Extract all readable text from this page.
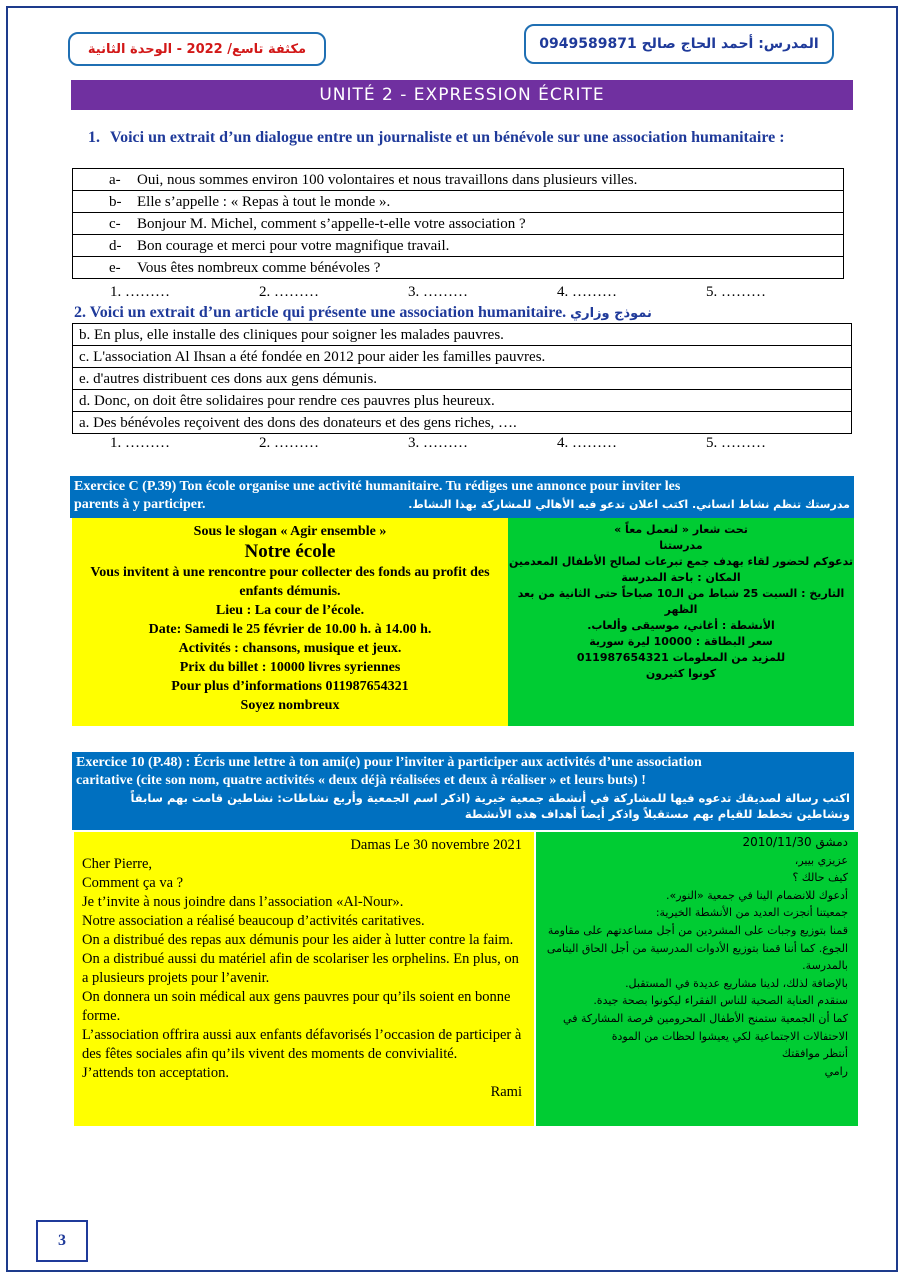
مكثفة تاسع/ 2022 - الوحدة الثانية	المدرس: أحمد الحاج صالح 0949589871
UNITÉ 2 - EXPRESSION ÉCRITE
1. Voici un extrait d’un dialogue entre un journaliste et un bénévole sur une association humanitaire :
a- Oui, nous sommes environ 100 volontaires et nous travaillons dans plusieurs villes.
b- Elle s’appelle : « Repas à tout le monde ».
c- Bonjour M. Michel, comment s’appelle-t-elle votre association ?
d- Bon courage et merci pour votre magnifique travail.
e- Vous êtes nombreux comme bénévoles ?
1. ………	2. ………	3. ………	4. ………	5. ………
2. Voici un extrait d’un article qui présente une association humanitaire. نموذج وزاري
b. En plus, elle installe des cliniques pour soigner les malades pauvres.
c. L'association Al Ihsan a été fondée en 2012 pour aider les familles pauvres.
e. d'autres distribuent ces dons aux gens démunis.
d. Donc, on doit être solidaires pour rendre ces pauvres plus heureux.
a. Des bénévoles reçoivent des dons des donateurs et des gens riches, ….
1. ………	2. ………	3. ………	4. ………	5. ………
Exercice C (P.39) Ton école organise une activité humanitaire. Tu rédiges une annonce pour inviter les
parents à y participer.	مدرستك تنظم نشاط انساني. اكتب اعلان تدعو فيه الأهالي للمشاركة بهذا النشاط.
Sous le slogan « Agir ensemble »
Notre école
Vous invitent à une rencontre pour collecter des fonds au profit des enfants démunis.
Lieu : La cour de l’école.
Date: Samedi le 25 février de 10.00 h. à 14.00 h.
Activités : chansons, musique et jeux.
Prix du billet : 10000 livres syriennes
Pour plus d’informations 011987654321
Soyez nombreux
تحت شعار « لنعمل معاً »
مدرستنا
تدعوكم لحضور لقاء بهدف جمع تبرعات لصالح الأطفال المعدمين
المكان : باحة المدرسة
التاريخ : السبت 25 شباط من الـ10 صباحاً حتى الثانية من بعد الظهر
الأنشطة : أغاني، موسيقى وألعاب.
سعر البطاقة : 10000 ليرة سورية
للمزيد من المعلومات 011987654321
كونوا كثيرون
Exercice 10 (P.48) : Écris une lettre à ton ami(e) pour l’inviter à participer aux activités d’une association
caritative (cite son nom, quatre activités « deux déjà réalisées et deux à réaliser » et leurs buts) !
اكتب رسالة لصديقك تدعوه فيها للمشاركة في أنشطة جمعية خيرية (اذكر اسم الجمعية وأربع نشاطات: نشاطين قامت بهم سابقاً
ونشاطين تخطط للقيام بهم مستقبلاً واذكر أيضاً أهداف هذه الأنشطة
Damas Le 30 novembre 2021
Cher Pierre,
Comment ça va ?
Je t’invite à nous joindre dans l’association «Al-Nour».
Notre association a réalisé beaucoup d’activités caritatives.
On a distribué des repas aux démunis pour les aider à lutter contre la faim. On a distribué aussi du matériel afin de scolariser les orphelins. En plus, on a plusieurs projets pour l’avenir.
On donnera un soin médical aux gens pauvres pour qu’ils soient en bonne forme.
L’association offrira aussi aux enfants défavorisés l’occasion de participer à des fêtes sociales afin qu’ils vivent des moments de convivialité.
J’attends ton acceptation.
Rami
دمشق 2010/11/30
عزيزي بيير،
كيف حالك ؟
أدعوك للانضمام الينا في جمعية «النور».
جمعيتنا أنجزت العديد من الأنشطة الخيرية:
قمنا بتوزيع وجبات على المشردين من أجل مساعدتهم على مقاومة الجوع. كما أننا قمنا بتوزيع الأدوات المدرسية من أجل الحاق اليتامى بالمدرسة.
بالإضافة لذلك، لدينا مشاريع عديدة في المستقبل.
سنقدم العناية الصحية للناس الفقراء ليكونوا بصحة جيدة.
كما أن الجمعية ستمنح الأطفال المحرومين فرصة المشاركة في الاحتفالات الاجتماعية لكي يعيشوا لحظات من المودة
أنتظر موافقتك
رامي
3
